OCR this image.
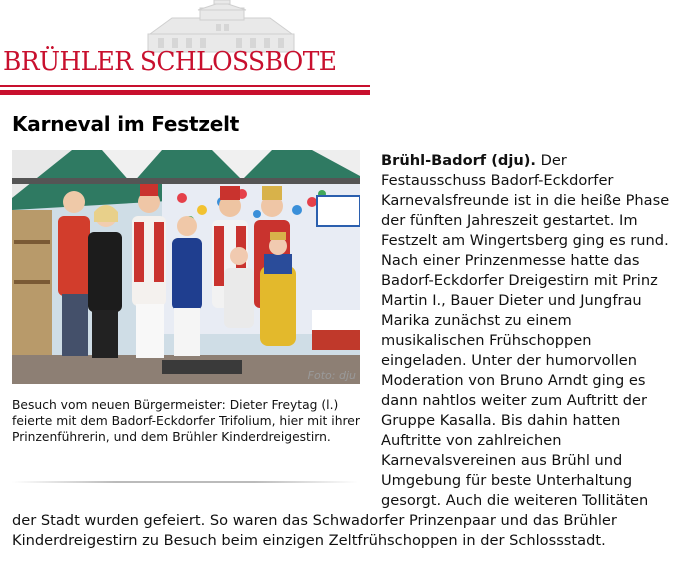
BRÜHLER SCHLOSSBOTE
Karneval im Festzelt
Foto: dju

Besuch vom neuen Bürgermeister: Dieter Freytag (l.) feierte mit dem Badorf-Eckdorfer Trifolium, hier mit ihrer Prinzenführerin, und dem Brühler Kinderdreigestirn.

Brühl-Badorf (dju). Der
Festausschuss Badorf-Eckdorfer
Karnevalsfreunde ist in die heiße Phase
der fünften Jahreszeit gestartet. Im
Festzelt am Wingertsberg ging es rund.
Nach einer Prinzenmesse hatte das
Badorf-Eckdorfer Dreigestirn mit Prinz
Martin I., Bauer Dieter und Jungfrau
Marika zunächst zu einem
musikalischen Frühschoppen
eingeladen. Unter der humorvollen
Moderation von Bruno Arndt ging es
dann nahtlos weiter zum Auftritt der
Gruppe Kasalla. Bis dahin hatten
Auftritte von zahlreichen
Karnevalsvereinen aus Brühl und
Umgebung für beste Unterhaltung
gesorgt. Auch die weiteren Tollitäten
der Stadt wurden gefeiert. So waren das Schwadorfer Prinzenpaar und das Brühler
Kinderdreigestirn zu Besuch beim einzigen Zeltfrühschoppen in der Schlossstadt.
